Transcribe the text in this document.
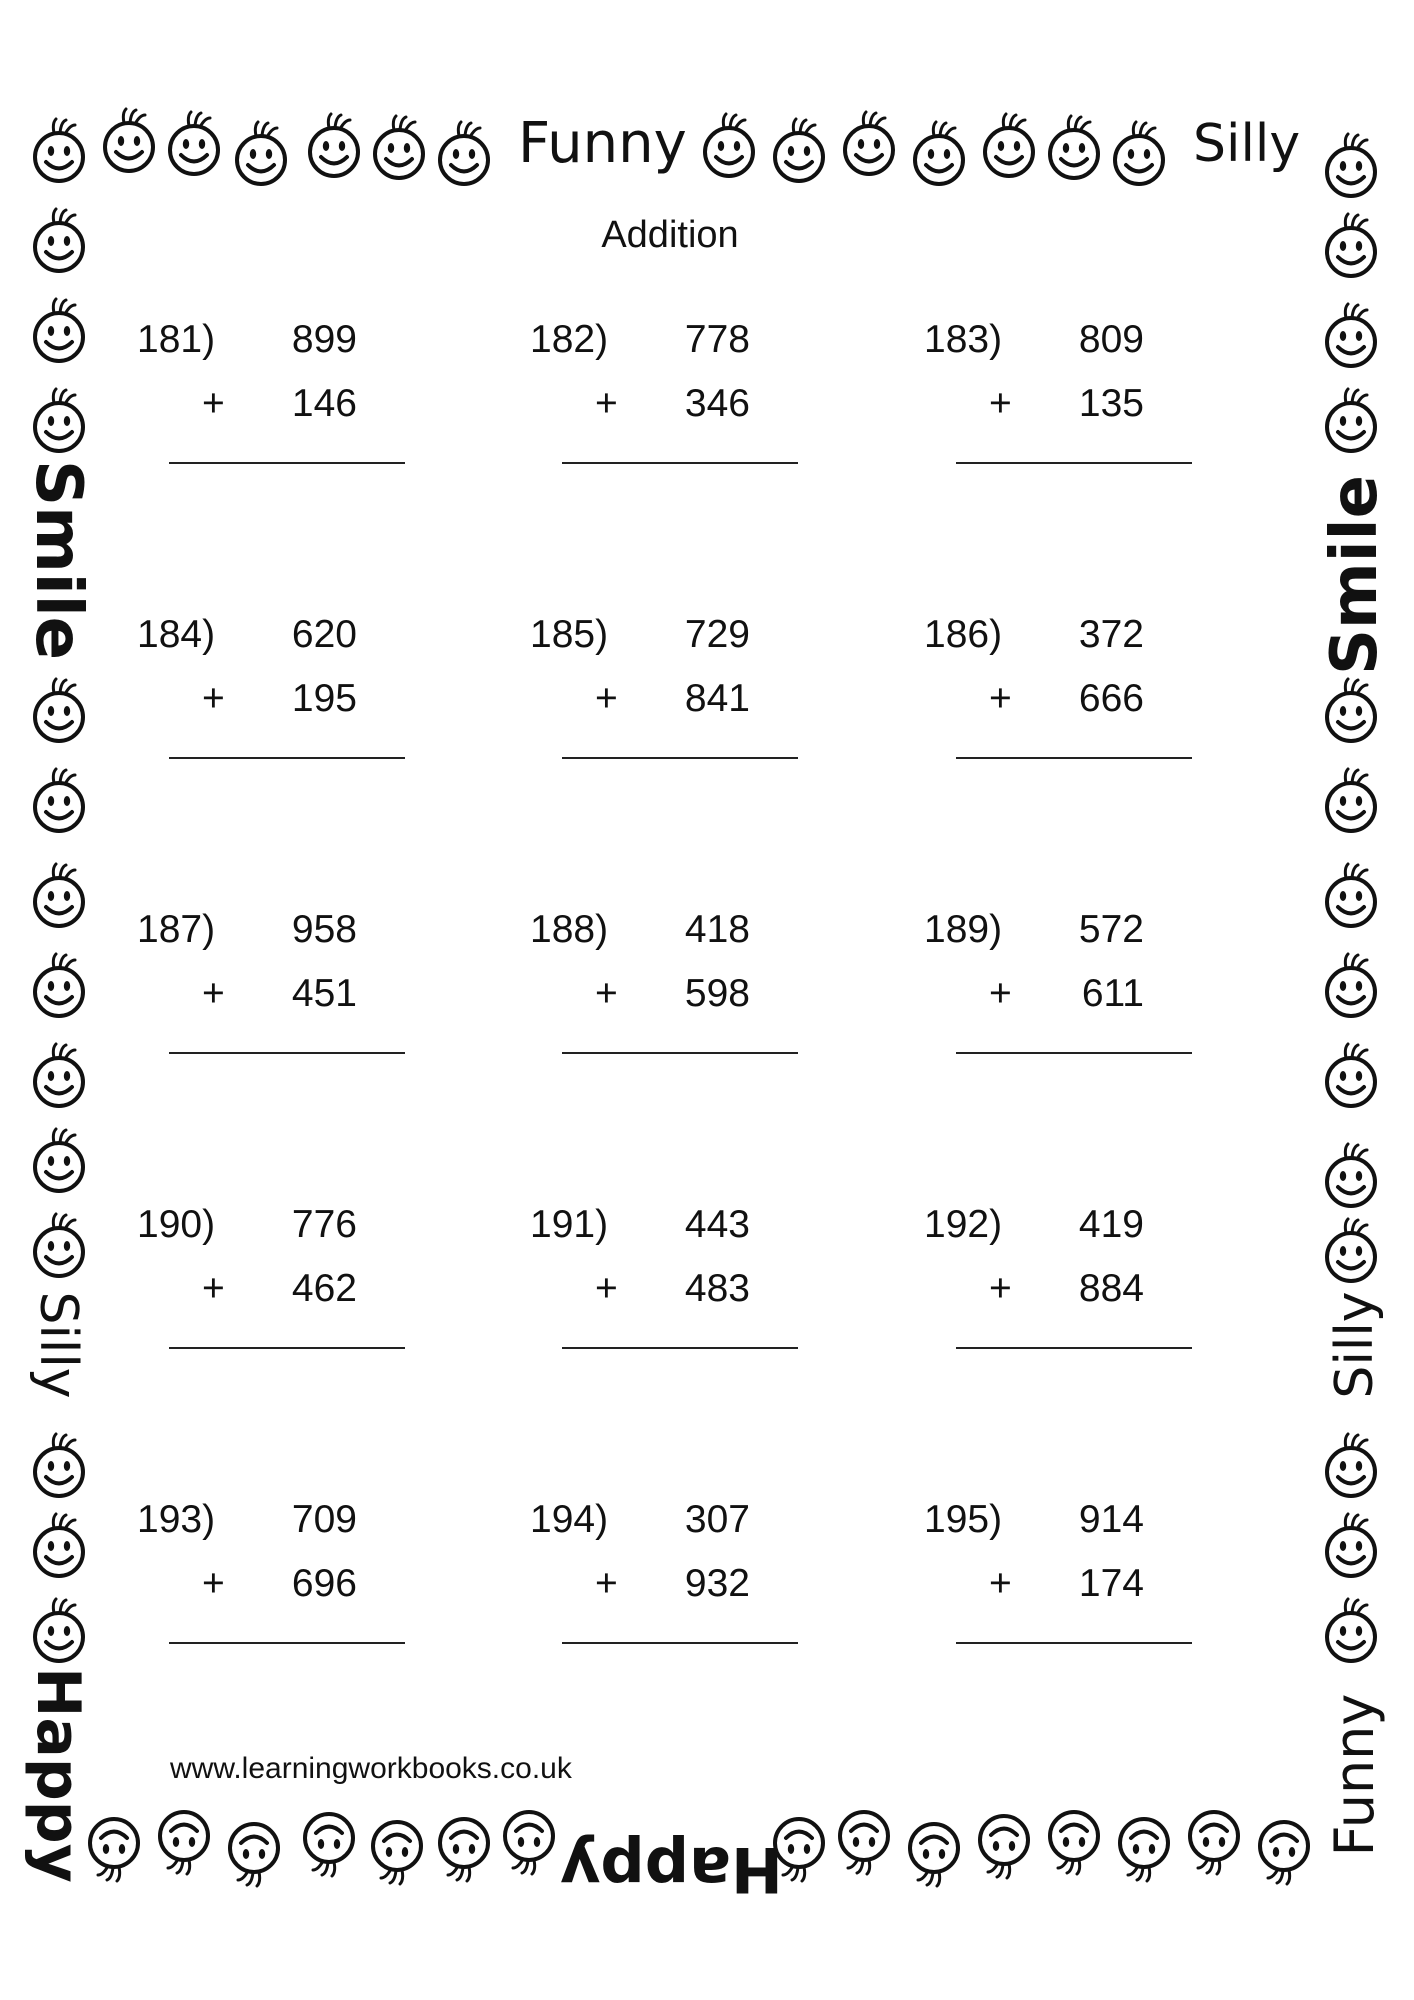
Funny	Silly
Happy
Smile
Silly
Happy
Smile
Silly
Funny
Addition
181) 899
+ 146
182) 778
+ 346
183) 809
+ 135
184) 620
+ 195
185) 729
+ 841
186) 372
+ 666
187) 958
+ 451
188) 418
+ 598
189) 572
+ 611
190) 776
+ 462
191) 443
+ 483
192) 419
+ 884
193) 709
+ 696
194) 307
+ 932
195) 914
+ 174
www.learningworkbooks.co.uk
